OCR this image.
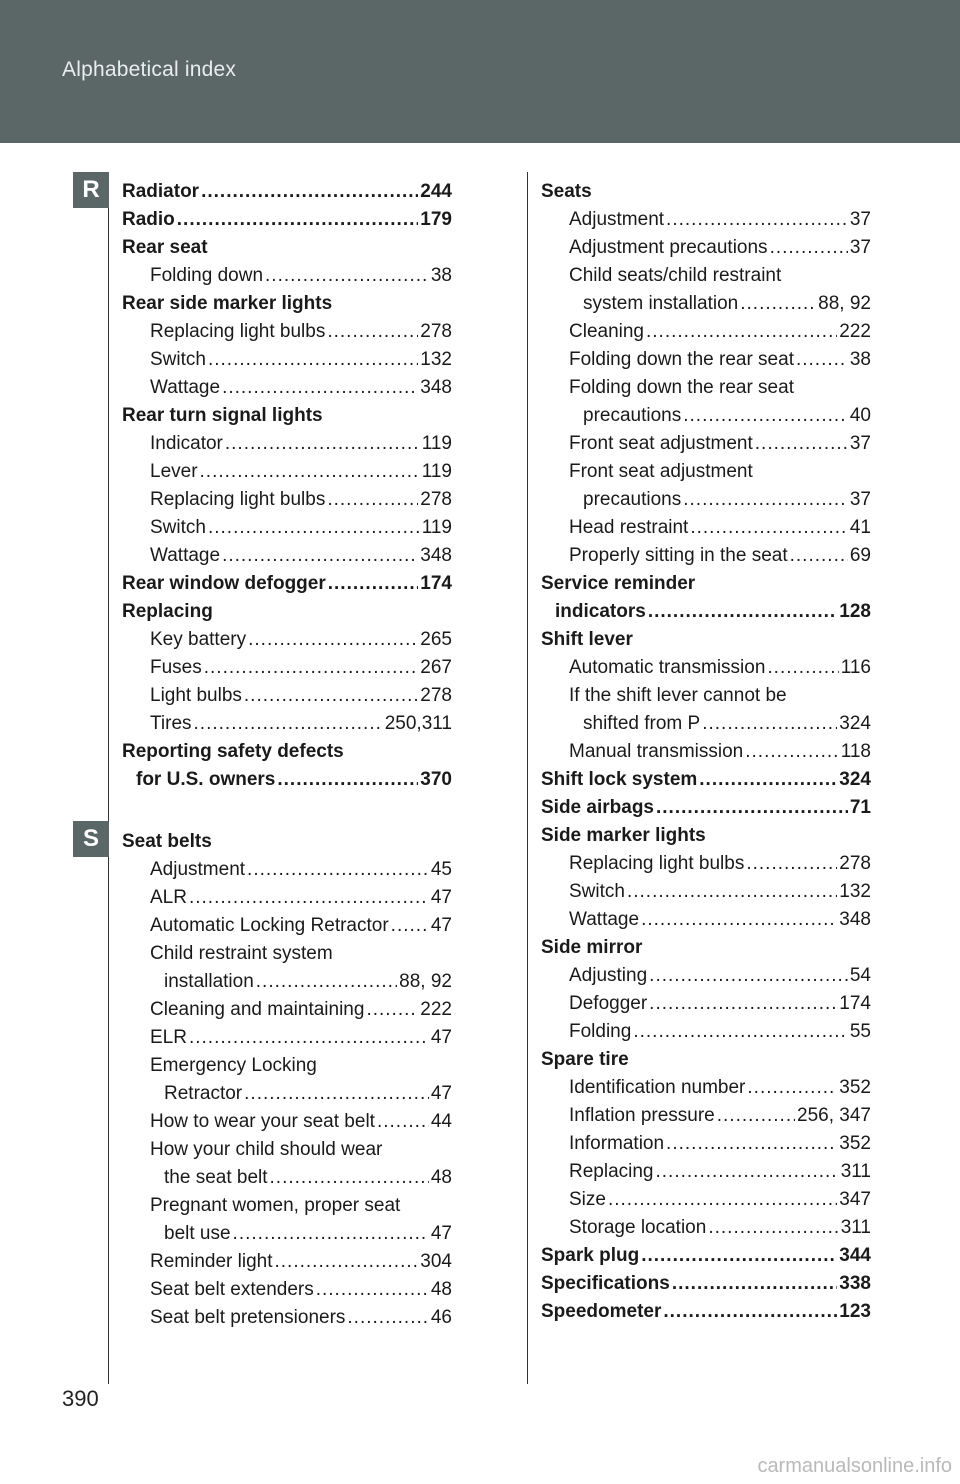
Alphabetical index
R
S
Radiator .....	244
Radio .....	179
Rear seat
Folding down .....	38
Rear side marker lights
Replacing light bulbs .....	278
Switch .....	132
Wattage .....	348
Rear turn signal lights
Indicator .....	119
Lever .....	119
Replacing light bulbs .....	278
Switch .....	119
Wattage .....	348
Rear window defogger .....	174
Replacing
Key battery .....	265
Fuses .....	267
Light bulbs .....	278
Tires .....	250,311
Reporting safety defects
for U.S. owners .....	370
Seat belts
Adjustment .....	45
ALR .....	47
Automatic Locking Retractor ..... 47
Child restraint system
installation .....	88, 92
Cleaning and maintaining .....	222
ELR .....	47
Emergency Locking
Retractor .....	47
How to wear your seat belt .....	44
How your child should wear
the seat belt .....	48
Pregnant women, proper seat
belt use .....	47
Reminder light .....	304
Seat belt extenders .....	48
Seat belt pretensioners .....	46
Seats
Adjustment .....	37
Adjustment precautions .....	37
Child seats/child restraint
system installation .....	88, 92
Cleaning .....	222
Folding down the rear seat .....	38
Folding down the rear seat
precautions .....	40
Front seat adjustment .....	37
Front seat adjustment
precautions .....	37
Head restraint .....	41
Properly sitting in the seat .....	69
Service reminder
indicators .....	128
Shift lever
Automatic transmission .....	116
If the shift lever cannot be
shifted from P .....	324
Manual transmission .....	118
Shift lock system .....	324
Side airbags .....	71
Side marker lights
Replacing light bulbs .....	278
Switch .....	132
Wattage .....	348
Side mirror
Adjusting .....	54
Defogger .....	174
Folding .....	55
Spare tire
Identification number .....	352
Inflation pressure .....	256, 347
Information .....	352
Replacing .....	311
Size .....	347
Storage location .....	311
Spark plug .....	344
Specifications .....	338
Speedometer .....	123
390
carmanualsonline.info
